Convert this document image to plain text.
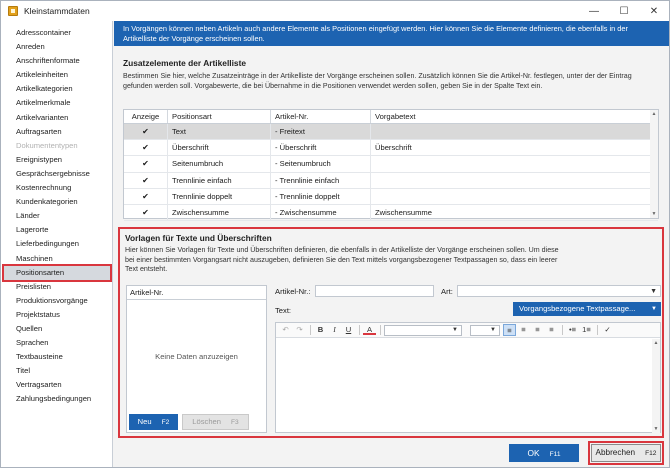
Kleinstammdaten	—	☐	✕
Adresscontainer
Anreden
Anschriftenformate
Artikeleinheiten
Artikelkategorien
Artikelmerkmale
Artikelvarianten
Auftragsarten
Dokumententypen
Ereignistypen
Gesprächsergebnisse
Kostenrechnung
Kundenkategorien
Länder
Lagerorte
Lieferbedingungen
Maschinen
Positionsarten
Preislisten
Produktionsvorgänge
Projektstatus
Quellen
Sprachen
Textbausteine
Titel
Vertragsarten
Zahlungsbedingungen
In Vorgängen können neben Artikeln auch andere Elemente als Positionen eingefügt werden. Hier können Sie die Elemente definieren, die ebenfalls in der
Artikelliste der Vorgänge erscheinen sollen.
Zusatzelemente der Artikelliste
Bestimmen Sie hier, welche Zusatzeinträge in der Artikelliste der Vorgänge erscheinen sollen. Zusätzlich können Sie die Artikel-Nr. festlegen, unter der der Eintrag
gefunden werden soll. Vorgabewerte, die bei Übernahme in die Positionen verwendet werden sollen, geben Sie in der Spalte Text ein.
Anzeige	Positionsart	Artikel-Nr.	Vorgabetext
✔	Text	- Freitext
✔	Überschrift	- Überschrift	Überschrift
✔	Seitenumbruch	- Seitenumbruch
✔	Trennlinie einfach	- Trennlinie einfach
✔	Trennlinie doppelt	- Trennlinie doppelt
✔	Zwischensumme	- Zwischensumme	Zwischensumme
▲
▼
Vorlagen für Texte und Überschriften
Hier können Sie Vorlagen für Texte und Überschriften definieren, die ebenfalls in der Artikelliste der Vorgänge erscheinen sollen. Um diese
bei einer bestimmten Vorgangsart nicht auszugeben, definieren Sie den Text mittels vorgangsbezogener Textpassagen so, dass ein leerer
Text entsteht.
Artikel-Nr.
Keine Daten anzuzeigen
Neu F2	Löschen F3
Artikel-Nr.:	Art:	▼
Text:	Vorgangsbezogene Textpassage...	▼
↶	↷	B	I	U	A	▼	▼	≡	≡	≡	≡	•≡ 1≡	✓
▲
▼
OK F11	Abbrechen F12
